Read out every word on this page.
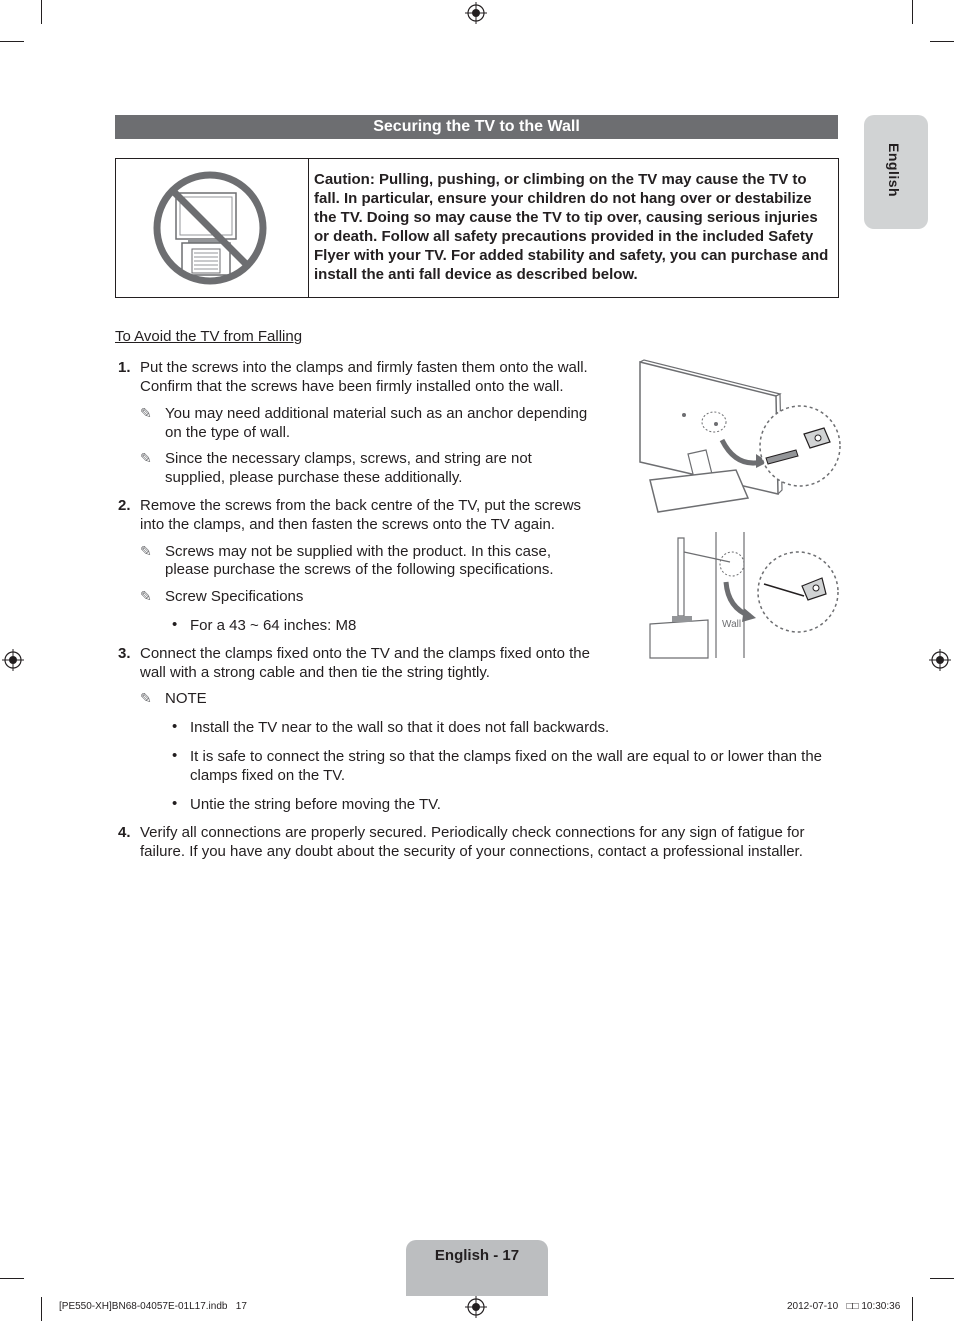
Securing the TV to the Wall
English
Caution: Pulling, pushing, or climbing on the TV may cause the TV to fall. In particular, ensure your children do not hang over or destabilize the TV. Doing so may cause the TV to tip over, causing serious injuries or death. Follow all safety precautions provided in the included Safety Flyer with your TV. For added stability and safety, you can purchase and install the anti fall device as described below.
To Avoid the TV from Falling
1. Put the screws into the clamps and firmly fasten them onto the wall.
Confirm that the screws have been firmly installed onto the wall.
✎ You may need additional material such as an anchor depending
on the type of wall.
✎ Since the necessary clamps, screws, and string are not
supplied, please purchase these additionally.
2. Remove the screws from the back centre of the TV, put the screws
into the clamps, and then fasten the screws onto the TV again.
✎ Screws may not be supplied with the product. In this case,
please purchase the screws of the following specifications.
✎ Screw Specifications
• For a 43 ~ 64 inches: M8
3. Connect the clamps fixed onto the TV and the clamps fixed onto the
wall with a strong cable and then tie the string tightly.
✎ NOTE
• Install the TV near to the wall so that it does not fall backwards.
• It is safe to connect the string so that the clamps fixed on the wall are equal to or lower than the
clamps fixed on the TV.
• Untie the string before moving the TV.
4. Verify all connections are properly secured. Periodically check connections for any sign of fatigue for
failure. If you have any doubt about the security of your connections, contact a professional installer.
Wall
English - 17
[PE550-XH]BN68-04057E-01L17.indb   17	2012-07-10   □□ 10:30:36
